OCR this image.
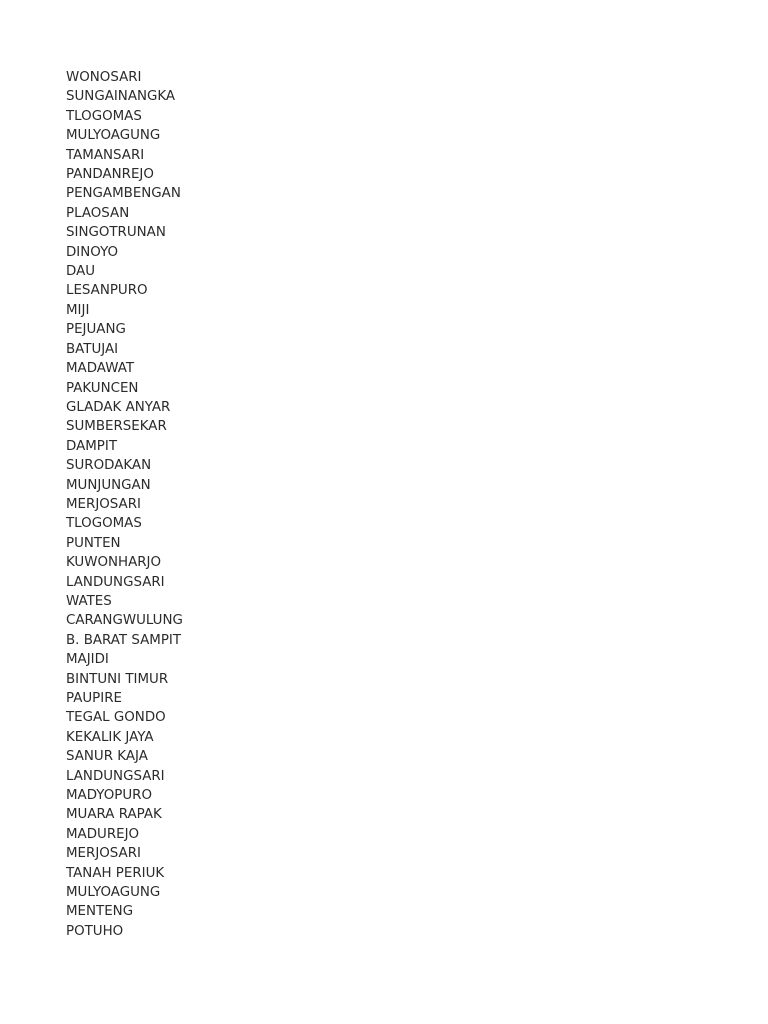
WONOSARI
SUNGAINANGKA
TLOGOMAS
MULYOAGUNG
TAMANSARI
PANDANREJO
PENGAMBENGAN
PLAOSAN
SINGOTRUNAN
DINOYO
DAU
LESANPURO
MIJI
PEJUANG
BATUJAI
MADAWAT
PAKUNCEN
GLADAK ANYAR
SUMBERSEKAR
DAMPIT
SURODAKAN
MUNJUNGAN
MERJOSARI
TLOGOMAS
PUNTEN
KUWONHARJO
LANDUNGSARI
WATES
CARANGWULUNG
B. BARAT SAMPIT
MAJIDI
BINTUNI TIMUR
PAUPIRE
TEGAL GONDO
KEKALIK JAYA
SANUR KAJA
LANDUNGSARI
MADYOPURO
MUARA RAPAK
MADUREJO
MERJOSARI
TANAH PERIUK
MULYOAGUNG
MENTENG
POTUHO
